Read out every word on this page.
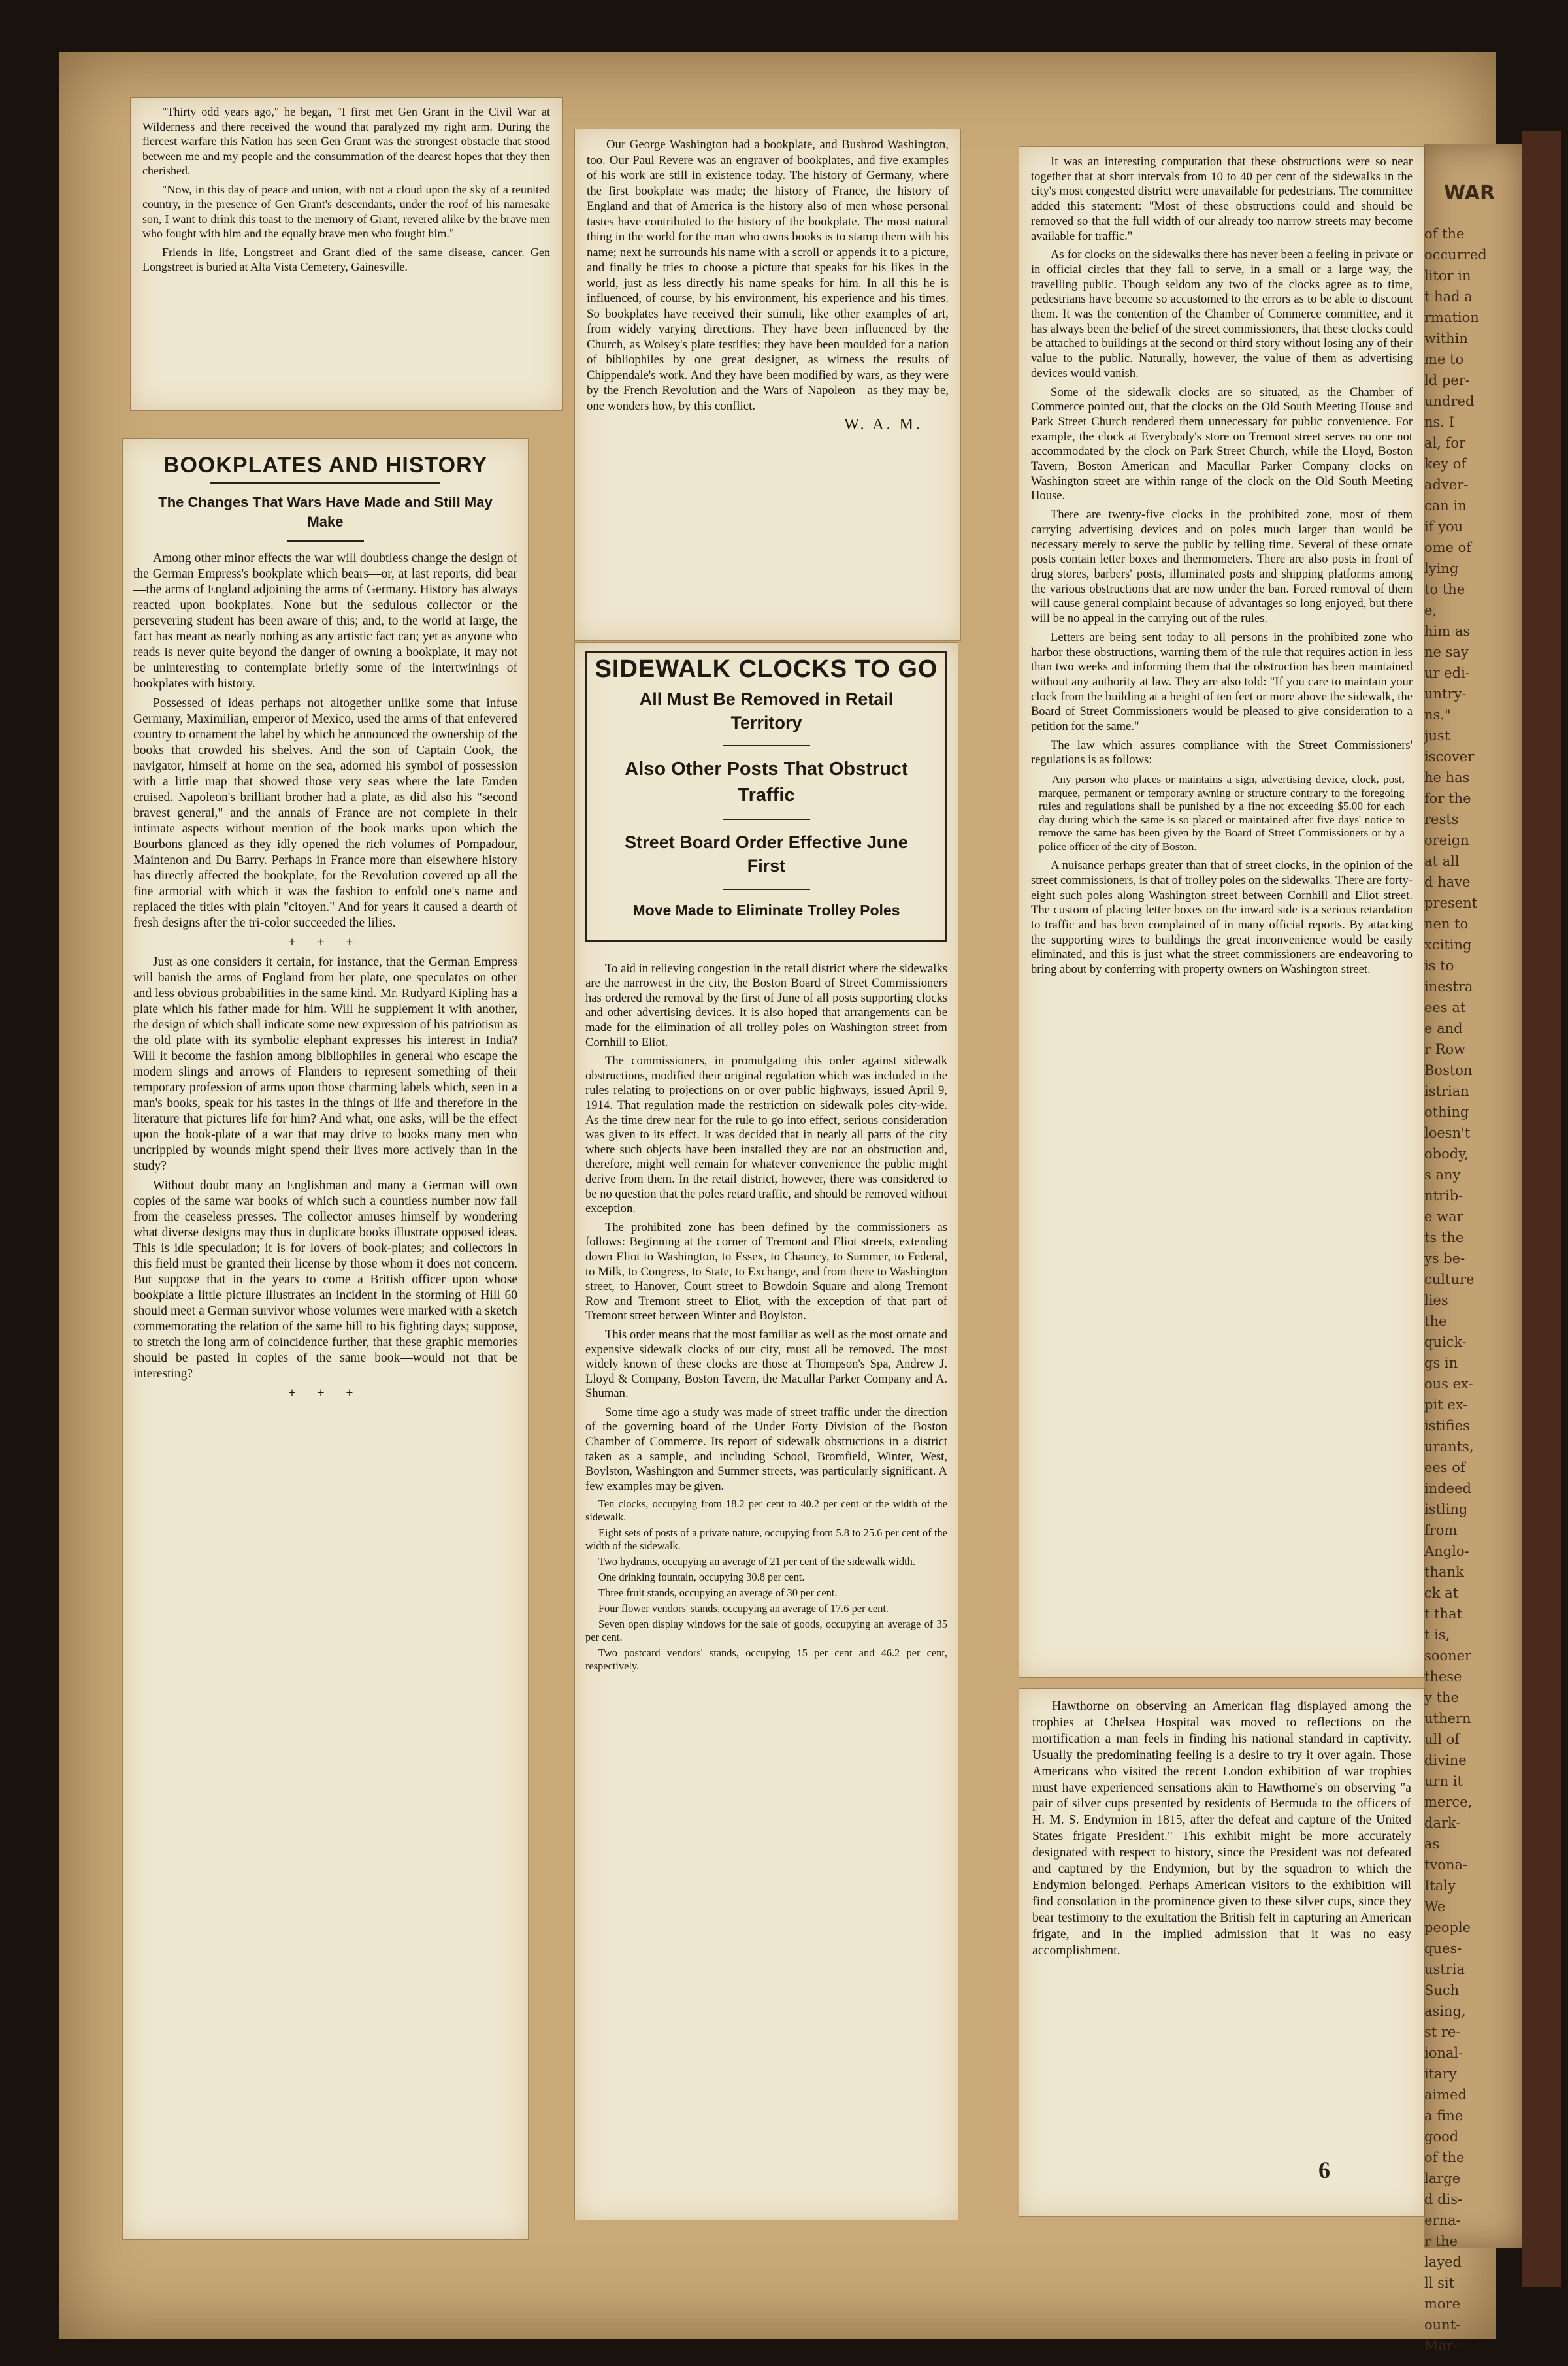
WAR

of the

occurred

litor in

t had a

rmation

within

me to

ld per-

undred

ns. I

al, for

key of

adver-

can in

if you

ome of

lying

to the

e,

him as

ne say

ur edi-

untry-

ns."

just

iscover

he has

for the

rests

oreign

at all

d have

present

nen to

xciting

is to

inestra

ees at

e and

r Row

Boston

istrian

othing

loesn't

obody,

s any

ntrib-

e war

ts the

ys be-

culture

lies

the

quick-

gs in

ous ex-

pit ex-

istifies

urants,

ees of

indeed

istling

from

Anglo-

thank

ck at

t that

t is,

sooner

these

y the

uthern

ull of

divine

urn it

merce,

dark-

as

tvona-

Italy

We

people

ques-

ustria

Such

asing,

st re-

ional-

itary

aimed

a fine

good

of the

large

d dis-

erna-

r the

layed

ll sit

more

ount-

Mar-

"Thirty odd years ago," he began, "I first met Gen Grant in the Civil War at Wilderness and there received the wound that paralyzed my right arm. During the fiercest warfare this Nation has seen Gen Grant was the strongest obstacle that stood between me and my people and the consummation of the dearest hopes that they then cherished.

"Now, in this day of peace and union, with not a cloud upon the sky of a reunited country, in the presence of Gen Grant's descendants, under the roof of his namesake son, I want to drink this toast to the memory of Grant, revered alike by the brave men who fought with him and the equally brave men who fought him."

Friends in life, Longstreet and Grant died of the same disease, cancer. Gen Longstreet is buried at Alta Vista Cemetery, Gainesville.

BOOKPLATES AND HISTORY
The Changes That Wars Have Made and Still May Make

Among other minor effects the war will doubtless change the design of the German Empress's bookplate which bears—or, at last reports, did bear—the arms of England adjoining the arms of Germany. History has always reacted upon bookplates. None but the sedulous collector or the persevering student has been aware of this; and, to the world at large, the fact has meant as nearly nothing as any artistic fact can; yet as anyone who reads is never quite beyond the danger of owning a bookplate, it may not be uninteresting to contemplate briefly some of the intertwinings of bookplates with history.

Possessed of ideas perhaps not altogether unlike some that infuse Germany, Maximilian, emperor of Mexico, used the arms of that enfevered country to ornament the label by which he announced the ownership of the books that crowded his shelves. And the son of Captain Cook, the navigator, himself at home on the sea, adorned his symbol of possession with a little map that showed those very seas where the late Emden cruised. Napoleon's brilliant brother had a plate, as did also his "second bravest general," and the annals of France are not complete in their intimate aspects without mention of the book marks upon which the Bourbons glanced as they idly opened the rich volumes of Pompadour, Maintenon and Du Barry. Perhaps in France more than elsewhere history has directly affected the bookplate, for the Revolution covered up all the fine armorial with which it was the fashion to enfold one's name and replaced the titles with plain "citoyen." And for years it caused a dearth of fresh designs after the tri-color succeeded the lilies.

+ + +

Just as one considers it certain, for instance, that the German Empress will banish the arms of England from her plate, one speculates on other and less obvious probabilities in the same kind. Mr. Rudyard Kipling has a plate which his father made for him. Will he supplement it with another, the design of which shall indicate some new expression of his patriotism as the old plate with its symbolic elephant expresses his interest in India? Will it become the fashion among bibliophiles in general who escape the modern slings and arrows of Flanders to represent something of their temporary profession of arms upon those charming labels which, seen in a man's books, speak for his tastes in the things of life and therefore in the literature that pictures life for him? And what, one asks, will be the effect upon the book-plate of a war that may drive to books many men who uncrippled by wounds might spend their lives more actively than in the study?

Without doubt many an Englishman and many a German will own copies of the same war books of which such a countless number now fall from the ceaseless presses. The collector amuses himself by wondering what diverse designs may thus in duplicate books illustrate opposed ideas. This is idle speculation; it is for lovers of book-plates; and collectors in this field must be granted their license by those whom it does not concern. But suppose that in the years to come a British officer upon whose bookplate a little picture illustrates an incident in the storming of Hill 60 should meet a German survivor whose volumes were marked with a sketch commemorating the relation of the same hill to his fighting days; suppose, to stretch the long arm of coincidence further, that these graphic memories should be pasted in copies of the same book—would not that be interesting?

+ + +

Our George Washington had a bookplate, and Bushrod Washington, too. Our Paul Revere was an engraver of bookplates, and five examples of his work are still in existence today. The history of Germany, where the first bookplate was made; the history of France, the history of England and that of America is the history also of men whose personal tastes have contributed to the history of the bookplate. The most natural thing in the world for the man who owns books is to stamp them with his name; next he surrounds his name with a scroll or appends it to a picture, and finally he tries to choose a picture that speaks for his likes in the world, just as less directly his name speaks for him. In all this he is influenced, of course, by his environment, his experience and his times. So bookplates have received their stimuli, like other examples of art, from widely varying directions. They have been influenced by the Church, as Wolsey's plate testifies; they have been moulded for a nation of bibliophiles by one great designer, as witness the results of Chippendale's work. And they have been modified by wars, as they were by the French Revolution and the Wars of Napoleon—as they may be, one wonders how, by this conflict.

W. A. M.
SIDEWALK CLOCKS TO GO
All Must Be Removed in Retail Territory
Also Other Posts That Obstruct Traffic
Street Board Order Effective June First
Move Made to Eliminate Trolley Poles

To aid in relieving congestion in the retail district where the sidewalks are the narrowest in the city, the Boston Board of Street Commissioners has ordered the removal by the first of June of all posts supporting clocks and other advertising devices. It is also hoped that arrangements can be made for the elimination of all trolley poles on Washington street from Cornhill to Eliot.

The commissioners, in promulgating this order against sidewalk obstructions, modified their original regulation which was included in the rules relating to projections on or over public highways, issued April 9, 1914. That regulation made the restriction on sidewalk poles city-wide. As the time drew near for the rule to go into effect, serious consideration was given to its effect. It was decided that in nearly all parts of the city where such objects have been installed they are not an obstruction and, therefore, might well remain for whatever convenience the public might derive from them. In the retail district, however, there was considered to be no question that the poles retard traffic, and should be removed without exception.

The prohibited zone has been defined by the commissioners as follows: Beginning at the corner of Tremont and Eliot streets, extending down Eliot to Washington, to Essex, to Chauncy, to Summer, to Federal, to Milk, to Congress, to State, to Exchange, and from there to Washington street, to Hanover, Court street to Bowdoin Square and along Tremont Row and Tremont street to Eliot, with the exception of that part of Tremont street between Winter and Boylston.

This order means that the most familiar as well as the most ornate and expensive sidewalk clocks of our city, must all be removed. The most widely known of these clocks are those at Thompson's Spa, Andrew J. Lloyd & Company, Boston Tavern, the Macullar Parker Company and A. Shuman.

Some time ago a study was made of street traffic under the direction of the governing board of the Under Forty Division of the Boston Chamber of Commerce. Its report of sidewalk obstructions in a district taken as a sample, and including School, Bromfield, Winter, West, Boylston, Washington and Summer streets, was particularly significant. A few examples may be given.

Ten clocks, occupying from 18.2 per cent to 40.2 per cent of the width of the sidewalk.

Eight sets of posts of a private nature, occupying from 5.8 to 25.6 per cent of the width of the sidewalk.

Two hydrants, occupying an average of 21 per cent of the sidewalk width.

One drinking fountain, occupying 30.8 per cent.

Three fruit stands, occupying an average of 30 per cent.

Four flower vendors' stands, occupying an average of 17.6 per cent.

Seven open display windows for the sale of goods, occupying an average of 35 per cent.

Two postcard vendors' stands, occupying 15 per cent and 46.2 per cent, respectively.

It was an interesting computation that these obstructions were so near together that at short intervals from 10 to 40 per cent of the sidewalks in the city's most congested district were unavailable for pedestrians. The committee added this statement: "Most of these obstructions could and should be removed so that the full width of our already too narrow streets may become available for traffic."

As for clocks on the sidewalks there has never been a feeling in private or in official circles that they fall to serve, in a small or a large way, the travelling public. Though seldom any two of the clocks agree as to time, pedestrians have become so accustomed to the errors as to be able to discount them. It was the contention of the Chamber of Commerce committee, and it has always been the belief of the street commissioners, that these clocks could be attached to buildings at the second or third story without losing any of their value to the public. Naturally, however, the value of them as advertising devices would vanish.

Some of the sidewalk clocks are so situated, as the Chamber of Commerce pointed out, that the clocks on the Old South Meeting House and Park Street Church rendered them unnecessary for public convenience. For example, the clock at Everybody's store on Tremont street serves no one not accommodated by the clock on Park Street Church, while the Lloyd, Boston Tavern, Boston American and Macullar Parker Company clocks on Washington street are within range of the clock on the Old South Meeting House.

There are twenty-five clocks in the prohibited zone, most of them carrying advertising devices and on poles much larger than would be necessary merely to serve the public by telling time. Several of these ornate posts contain letter boxes and thermometers. There are also posts in front of drug stores, barbers' posts, illuminated posts and shipping platforms among the various obstructions that are now under the ban. Forced removal of them will cause general complaint because of advantages so long enjoyed, but there will be no appeal in the carrying out of the rules.

Letters are being sent today to all persons in the prohibited zone who harbor these obstructions, warning them of the rule that requires action in less than two weeks and informing them that the obstruction has been maintained without any authority at law. They are also told: "If you care to maintain your clock from the building at a height of ten feet or more above the sidewalk, the Board of Street Commissioners would be pleased to give consideration to a petition for the same."

The law which assures compliance with the Street Commissioners' regulations is as follows:

Any person who places or maintains a sign, advertising device, clock, post, marquee, permanent or temporary awning or structure contrary to the foregoing rules and regulations shall be punished by a fine not exceeding $5.00 for each day during which the same is so placed or maintained after five days' notice to remove the same has been given by the Board of Street Commissioners or by a police officer of the city of Boston.

A nuisance perhaps greater than that of street clocks, in the opinion of the street commissioners, is that of trolley poles on the sidewalks. There are forty-eight such poles along Washington street between Cornhill and Eliot street. The custom of placing letter boxes on the inward side is a serious retardation to traffic and has been complained of in many official reports. By attacking the supporting wires to buildings the great inconvenience would be easily eliminated, and this is just what the street commissioners are endeavoring to bring about by conferring with property owners on Washington street.

Hawthorne on observing an American flag displayed among the trophies at Chelsea Hospital was moved to reflections on the mortification a man feels in finding his national standard in captivity. Usually the predominating feeling is a desire to try it over again. Those Americans who visited the recent London exhibition of war trophies must have experienced sensations akin to Hawthorne's on observing "a pair of silver cups presented by residents of Bermuda to the officers of H. M. S. Endymion in 1815, after the defeat and capture of the United States frigate President." This exhibit might be more accurately designated with respect to history, since the President was not defeated and captured by the Endymion, but by the squadron to which the Endymion belonged. Perhaps American visitors to the exhibition will find consolation in the prominence given to these silver cups, since they bear testimony to the exultation the British felt in capturing an American frigate, and in the implied admission that it was no easy accomplishment.

6
